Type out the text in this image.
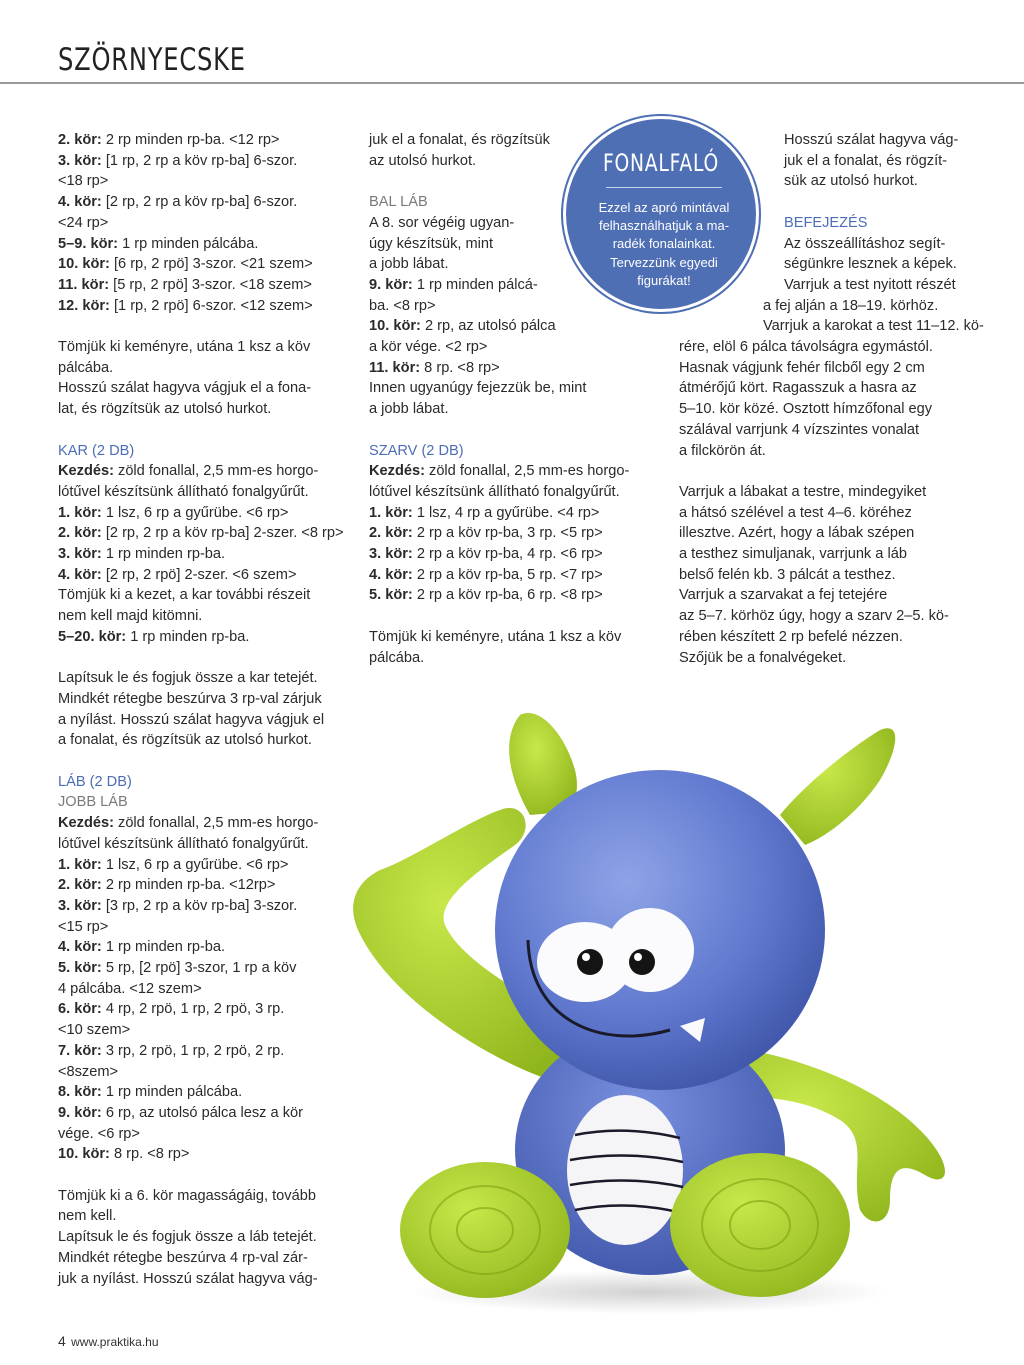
SZÖRNYECSKE
2. kör: 2 rp minden rp-ba. <12 rp>
3. kör: [1 rp, 2 rp a köv rp-ba] 6-szor.
<18 rp>
4. kör: [2 rp, 2 rp a köv rp-ba] 6-szor.
<24 rp>
5–9. kör: 1 rp minden pálcába.
10. kör: [6 rp, 2 rpö] 3-szor. <21 szem>
11. kör: [5 rp, 2 rpö] 3-szor. <18 szem>
12. kör: [1 rp, 2 rpö] 6-szor. <12 szem>
Tömjük ki keményre, utána 1 ksz a köv
pálcába.
Hosszú szálat hagyva vágjuk el a fona-
lat, és rögzítsük az utolsó hurkot.
KAR (2 DB)
Kezdés: zöld fonallal, 2,5 mm-es horgo-
lótűvel készítsünk állítható fonalgyűrűt.
1. kör: 1 lsz, 6 rp a gyűrübe. <6 rp>
2. kör: [2 rp, 2 rp a köv rp-ba] 2-szer. <8 rp>
3. kör: 1 rp minden rp-ba.
4. kör: [2 rp, 2 rpö] 2-szer. <6 szem>
Tömjük ki a kezet, a kar további részeit
nem kell majd kitömni.
5–20. kör: 1 rp minden rp-ba.
Lapítsuk le és fogjuk össze a kar tetejét.
Mindkét rétegbe beszúrva 3 rp-val zárjuk
a nyílást. Hosszú szálat hagyva vágjuk el
a fonalat, és rögzítsük az utolsó hurkot.
LÁB (2 DB)
JOBB LÁB
Kezdés: zöld fonallal, 2,5 mm-es horgo-
lótűvel készítsünk állítható fonalgyűrűt.
1. kör: 1 lsz, 6 rp a gyűrübe. <6 rp>
2. kör: 2 rp minden rp-ba. <12rp>
3. kör: [3 rp, 2 rp a köv rp-ba] 3-szor.
<15 rp>
4. kör: 1 rp minden rp-ba.
5. kör: 5 rp, [2 rpö] 3-szor, 1 rp a köv
4 pálcába. <12 szem>
6. kör: 4 rp, 2 rpö, 1 rp, 2 rpö, 3 rp.
<10 szem>
7. kör: 3 rp, 2 rpö, 1 rp, 2 rpö, 2 rp.
<8szem>
8. kör: 1 rp minden pálcába.
9. kör: 6 rp, az utolsó pálca lesz a kör
vége. <6 rp>
10. kör: 8 rp. <8 rp>
Tömjük ki a 6. kör magasságáig, tovább
nem kell.
Lapítsuk le és fogjuk össze a láb tetejét.
Mindkét rétegbe beszúrva 4 rp-val zár-
juk a nyílást. Hosszú szálat hagyva vág-
juk el a fonalat, és rögzítsük
az utolsó hurkot.
BAL LÁB
A 8. sor végéig ugyan-
úgy készítsük, mint
a jobb lábat.
9. kör: 1 rp minden pálcá-
ba. <8 rp>
10. kör: 2 rp, az utolsó pálca
a kör vége. <2 rp>
11. kör: 8 rp. <8 rp>
Innen ugyanúgy fejezzük be, mint
a jobb lábat.
SZARV (2 DB)
Kezdés: zöld fonallal, 2,5 mm-es horgo-
lótűvel készítsünk állítható fonalgyűrűt.
1. kör: 1 lsz, 4 rp a gyűrübe. <4 rp>
2. kör: 2 rp a köv rp-ba, 3 rp. <5 rp>
3. kör: 2 rp a köv rp-ba, 4 rp. <6 rp>
4. kör: 2 rp a köv rp-ba, 5 rp. <7 rp>
5. kör: 2 rp a köv rp-ba, 6 rp. <8 rp>
Tömjük ki keményre, utána 1 ksz a köv
pálcába.
Hosszú szálat hagyva vág-
juk el a fonalat, és rögzít-
sük az utolsó hurkot.
BEFEJEZÉS
Az összeállításhoz segít-
ségünkre lesznek a képek.
Varrjuk a test nyitott részét
a fej alján a 18–19. körhöz.
Varrjuk a karokat a test 11–12. kö-
rére, elöl 6 pálca távolságra egymástól.
Hasnak vágjunk fehér filcből egy 2 cm
átmérőjű kört. Ragasszuk a hasra az
5–10. kör közé. Osztott hímzőfonal egy
szálával varrjunk 4 vízszintes vonalat
a filckörön át.
Varrjuk a lábakat a testre, mindegyiket
a hátsó szélével a test 4–6. köréhez
illesztve. Azért, hogy a lábak szépen
a testhez simuljanak, varrjunk a láb
belső felén kb. 3 pálcát a testhez.
Varrjuk a szarvakat a fej tetejére
az 5–7. körhöz úgy, hogy a szarv 2–5. kö-
rében készített 2 rp befelé nézzen.
Szőjük be a fonalvégeket.
FONALFALÓ
Ezzel az apró mintával
felhasználhatjuk a ma-
radék fonalainkat.
Tervezzünk egyedi
figurákat!
4 www.praktika.hu
